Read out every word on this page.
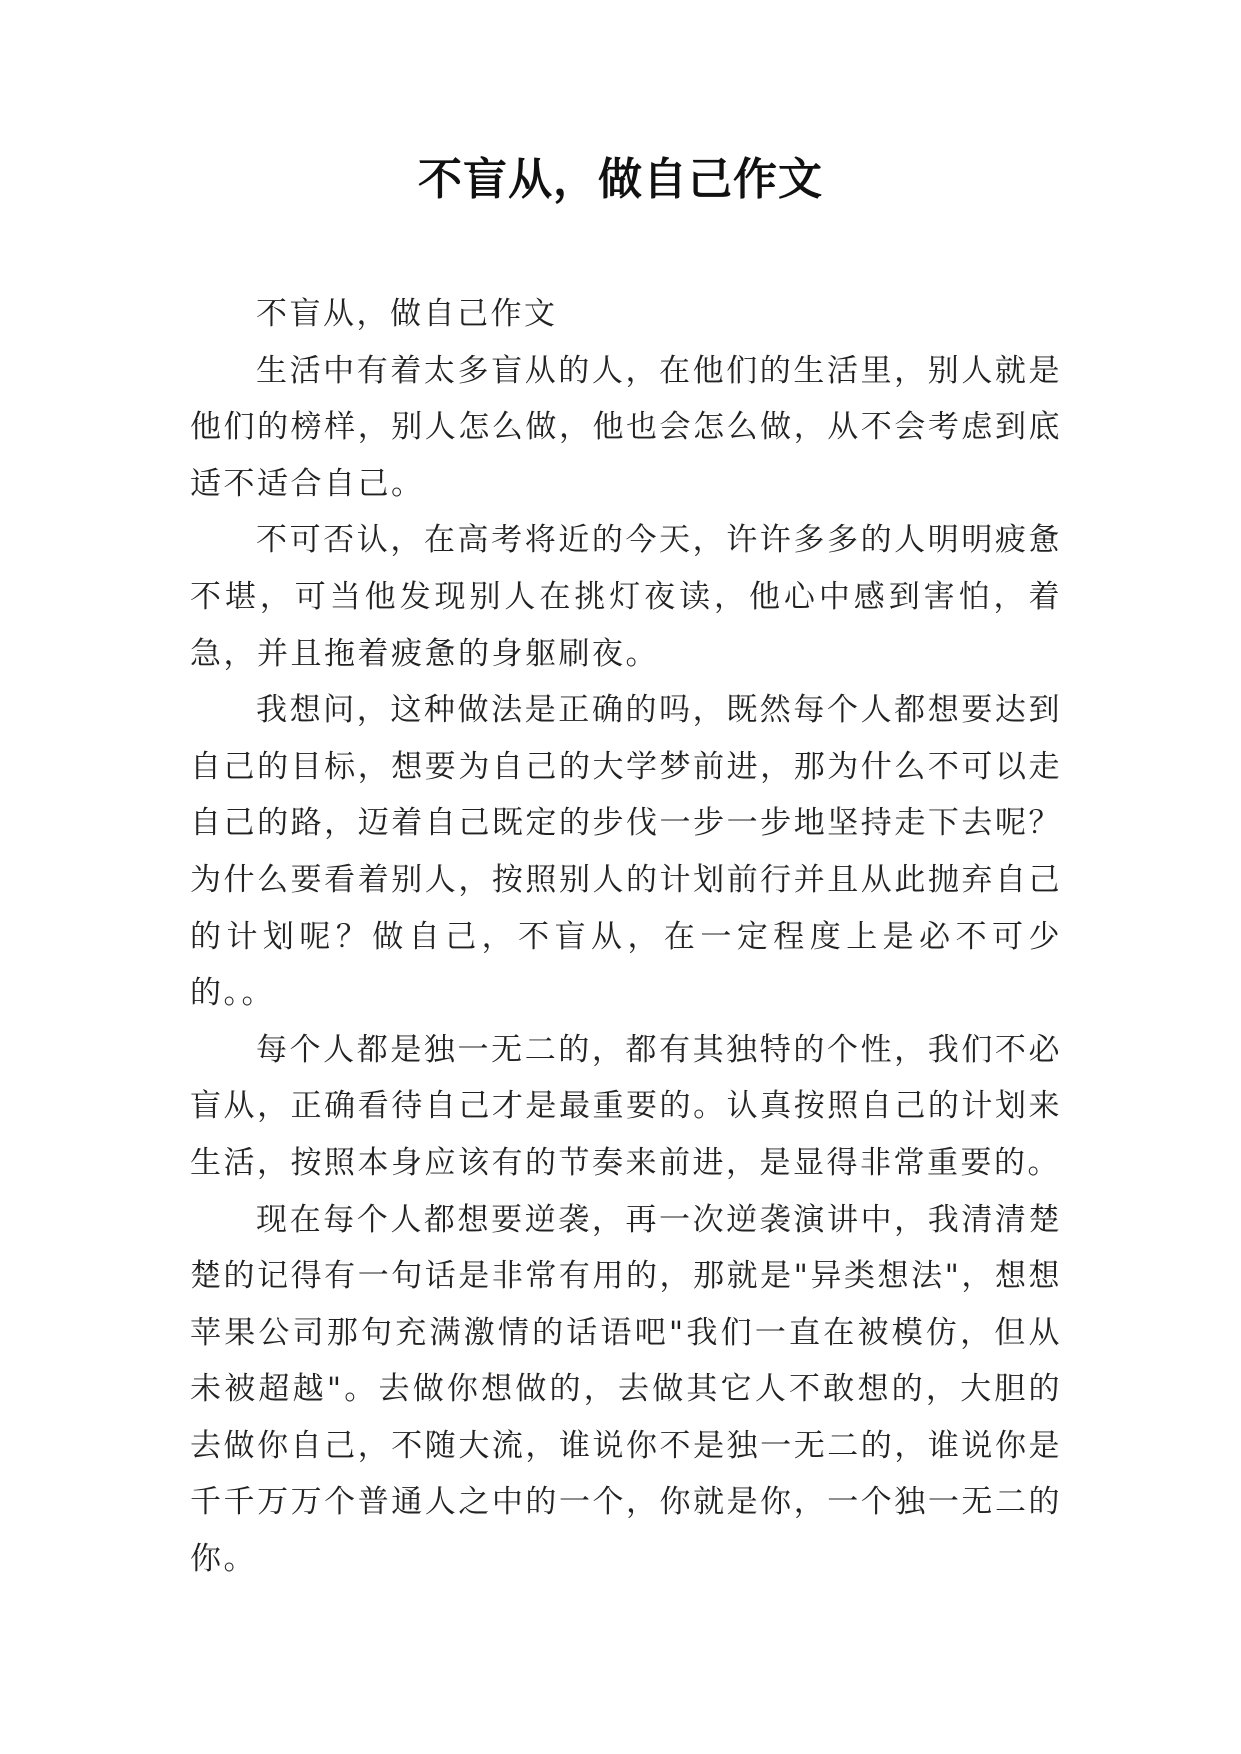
不盲从，做自己作文

不盲从，做自己作文

生活中有着太多盲从的人，在他们的生活里，别人就是他们的榜样，别人怎么做，他也会怎么做，从不会考虑到底适不适合自己。

不可否认，在高考将近的今天，许许多多的人明明疲惫不堪，可当他发现别人在挑灯夜读，他心中感到害怕，着急，并且拖着疲惫的身躯刷夜。

我想问，这种做法是正确的吗，既然每个人都想要达到自己的目标，想要为自己的大学梦前进，那为什么不可以走自己的路，迈着自己既定的步伐一步一步地坚持走下去呢？为什么要看着别人，按照别人的计划前行并且从此抛弃自己的计划呢？做自己，不盲从，在一定程度上是必不可少的。。

每个人都是独一无二的，都有其独特的个性，我们不必盲从，正确看待自己才是最重要的。认真按照自己的计划来生活，按照本身应该有的节奏来前进，是显得非常重要的。

现在每个人都想要逆袭，再一次逆袭演讲中，我清清楚楚的记得有一句话是非常有用的，那就是"异类想法"，想想苹果公司那句充满激情的话语吧"我们一直在被模仿，但从未被超越"。去做你想做的，去做其它人不敢想的，大胆的去做你自己，不随大流，谁说你不是独一无二的，谁说你是千千万万个普通人之中的一个，你就是你，一个独一无二的你。
